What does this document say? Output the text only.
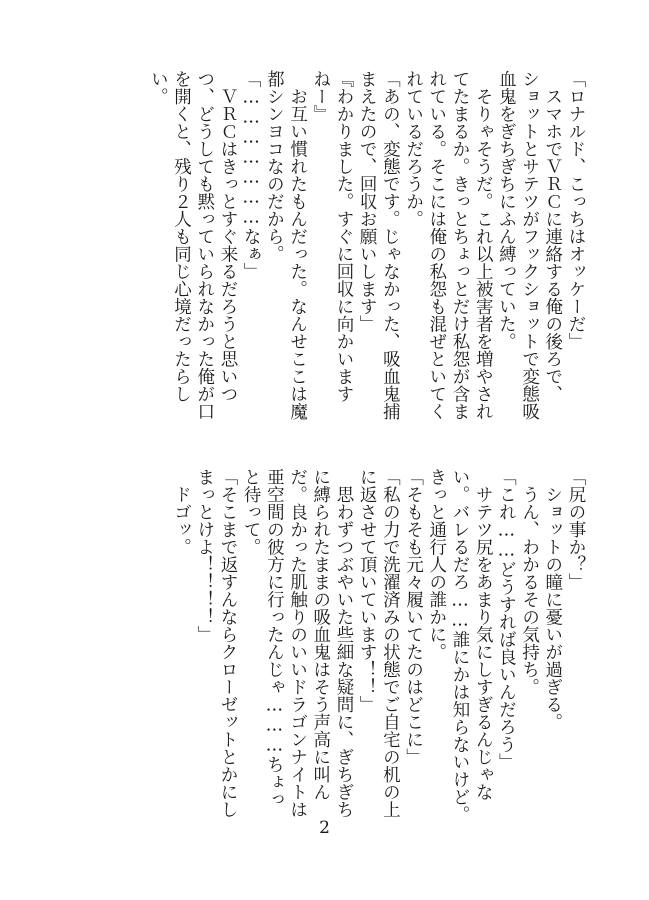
「ロナルド、こっちはオッケーだ」
　スマホでＶＲＣに連絡する俺の後ろで、
ショットとサテツがフックショットで変態吸
血鬼をぎちぎちにふん縛っていた。
　そりゃそうだ。これ以上被害者を増やされ
てたまるか。きっとちょっとだけ私怨が含ま
れている。そこには俺の私怨も混ぜといてく
れているだろうか。
「あの、変態です。じゃなかった、吸血鬼捕
まえたので、回収お願いします」
『わかりました。すぐに回収に向かいます
ねー』
　お互い慣れたもんだった。なんせここは魔
都シンヨコなのだから。
「…………………なぁ」
　ＶＲＣはきっとすぐ来るだろうと思いつ
つ、どうしても黙っていられなかった俺が口
を開くと、残り２人も同じ心境だったらし
い。
「尻の事か？」
　ショットの瞳に憂いが過ぎる。
　うん、わかるその気持ち。
「これ……どうすれば良いんだろう」
　サテツ尻をあまり気にしすぎるんじゃな
い。バレるだろ……誰にかは知らないけど。
きっと通行人の誰かに。
「そもそも元々履いてたのはどこに」
「私の力で洗濯済みの状態でご自宅の机の上
に返させて頂いています！！」
　思わずつぶやいた些細な疑問に、ぎちぎち
に縛られたままの吸血鬼はそう声高に叫ん
だ。良かった肌触りのいいドラゴンナイトは
亜空間の彼方に行ったんじゃ………ちょっ
と待って。
「そこまで返すんならクローゼットとかにし
まっとけよ！！！！」
　ドゴッ。
2
